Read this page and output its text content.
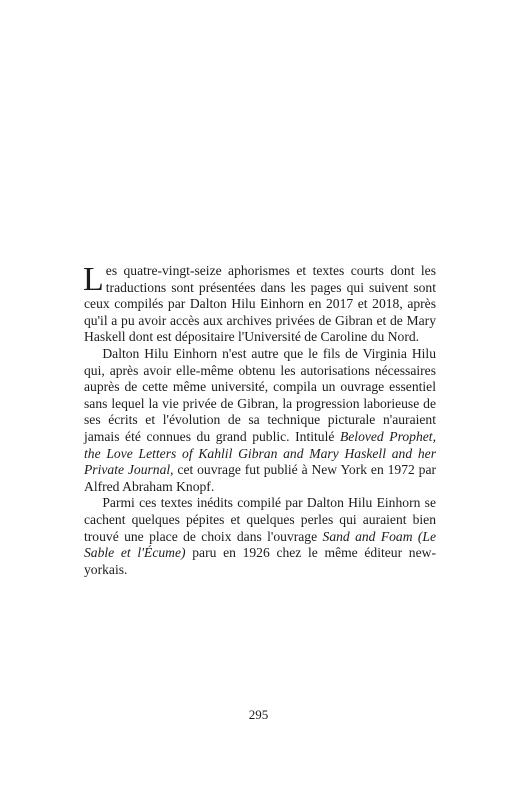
Les quatre-vingt-seize aphorismes et textes courts dont les traductions sont présentées dans les pages qui suivent sont ceux compilés par Dalton Hilu Einhorn en 2017 et 2018, après qu'il a pu avoir accès aux archives privées de Gibran et de Mary Haskell dont est dépositaire l'Université de Caroline du Nord.

Dalton Hilu Einhorn n'est autre que le fils de Virginia Hilu qui, après avoir elle-même obtenu les autorisations nécessaires auprès de cette même université, compila un ouvrage essentiel sans lequel la vie privée de Gibran, la progression laborieuse de ses écrits et l'évolution de sa technique picturale n'auraient jamais été connues du grand public. Intitulé Beloved Prophet, the Love Letters of Kahlil Gibran and Mary Haskell and her Private Journal, cet ouvrage fut publié à New York en 1972 par Alfred Abraham Knopf.

Parmi ces textes inédits compilé par Dalton Hilu Einhorn se cachent quelques pépites et quelques perles qui auraient bien trouvé une place de choix dans l'ouvrage Sand and Foam (Le Sable et l'Écume) paru en 1926 chez le même éditeur new-yorkais.

295
